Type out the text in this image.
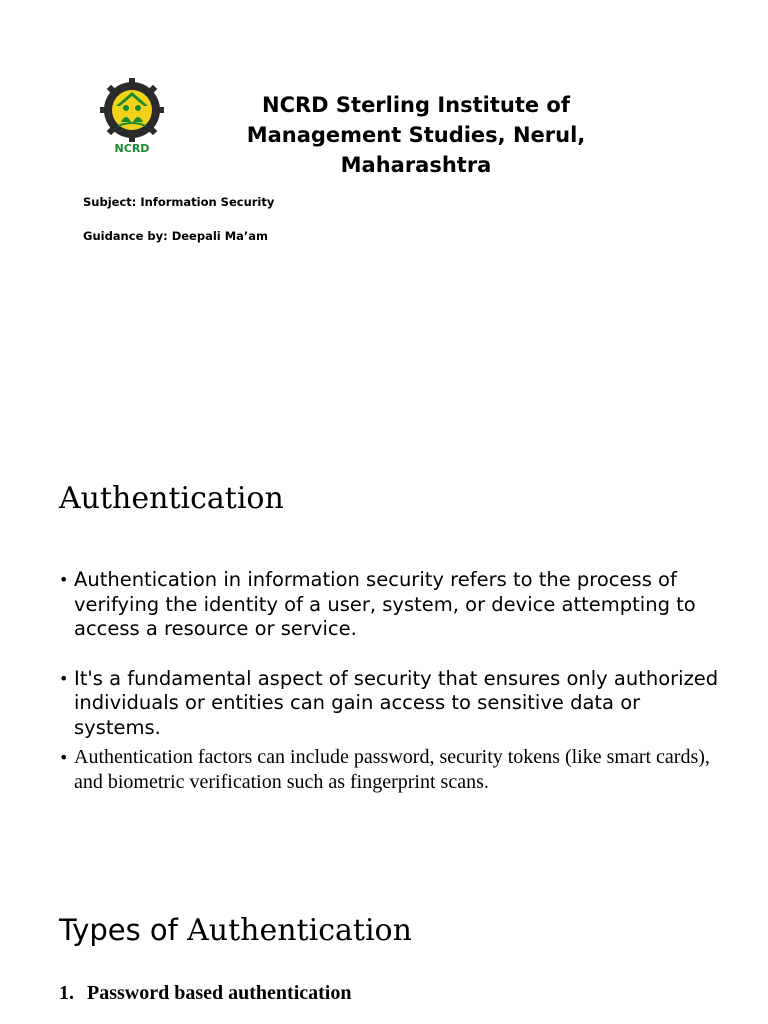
NCRD
NCRD Sterling Institute of Management Studies, Nerul, Maharashtra
Subject: Information Security
Guidance by: Deepali Ma’am
Authentication
• Authentication in information security refers to the process of verifying the identity of a user, system, or device attempting to access a resource or service.
• It's a fundamental aspect of security that ensures only authorized individuals or entities can gain access to sensitive data or systems.
• Authentication factors can include password, security tokens (like smart cards), and biometric verification such as fingerprint scans.
Types of Authentication
1. Password based authentication
